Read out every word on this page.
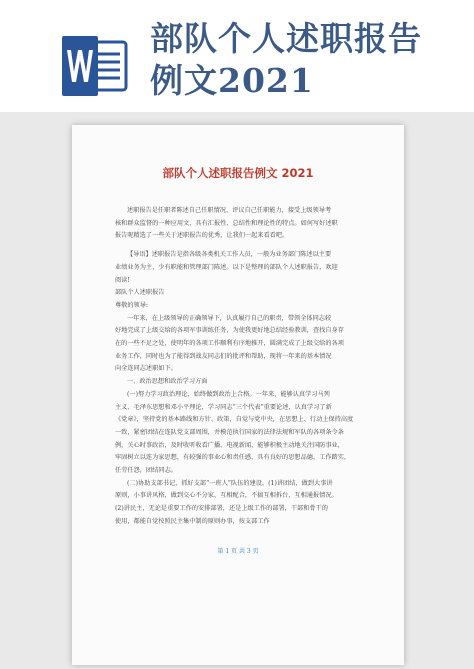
部队个人述职报告
例文2021
部队个人述职报告例文 2021

述职报告是任职者陈述自己任职情况，评议自己任职能力，接受上级领导考

核和群众监督的一种应用文，具有汇报性、总结性和理论性的特点。如何写好述职

报告呢精选了一些关于述职报告的优秀，让我们一起来看看吧。

【导语】述职报告是指各级各类机关工作人员，一般为业务部门陈述以主要

业绩业务为主，少有职能和管理部门陈述。以下是整理的部队个人述职报告，欢迎

阅读!

部队个人述职报告

尊敬的领导:

一年来，在上级领导的正确领导下，认真履行自己的职责，带领全体同志较

好地完成了上级交给的各项军事训练任务，为使我更好地总结经验教训，查找自身存

在的一些不足之处，使明年的各项工作顺利有序地推开，圆满完成了上级交给的各项

业务工作，同时也为了能得到战友同志们的批评和帮助，现将一年来的基本情况

向全连同志述职如下。

一、政治思想和政治学习方面

(一)努力学习政治理论，始终做到政治上合格。一年来，能够认真学习马列

主义、毛泽东思想和邓小平理论，学习同志“三个代表”重要论述，认真学习了新

《党章》，坚持党的基本路线和方针、政策，自觉与党中央，在思想上、行动上保持高度

一致，紧密团结在连队党支部周围，并模范执行国家的法律法规和军队的各项条令条

例，关心时事政治，及时收听收看广播、电视新闻，能够积极主动地关注国防事业，

牢固树立以连为家思想，有较强的事业心和责任感，具有良好的思想品德，工作踏实，

任劳任怨，团结同志。

(二)协助支部书记，抓好支部“一班人”队伍的建设。(1)讲团结，做到大事讲

原则，小事讲风格，做到交心不分家，互相配合，不搞互相拆台，互相通报情况。

(2)讲民主，无论是重要工作的安排部署，还是上级工作的部署，干部和骨干的

使用，都能自觉按照民主集中制的原则办事，按支部工作

第 1 页 共 3 页
